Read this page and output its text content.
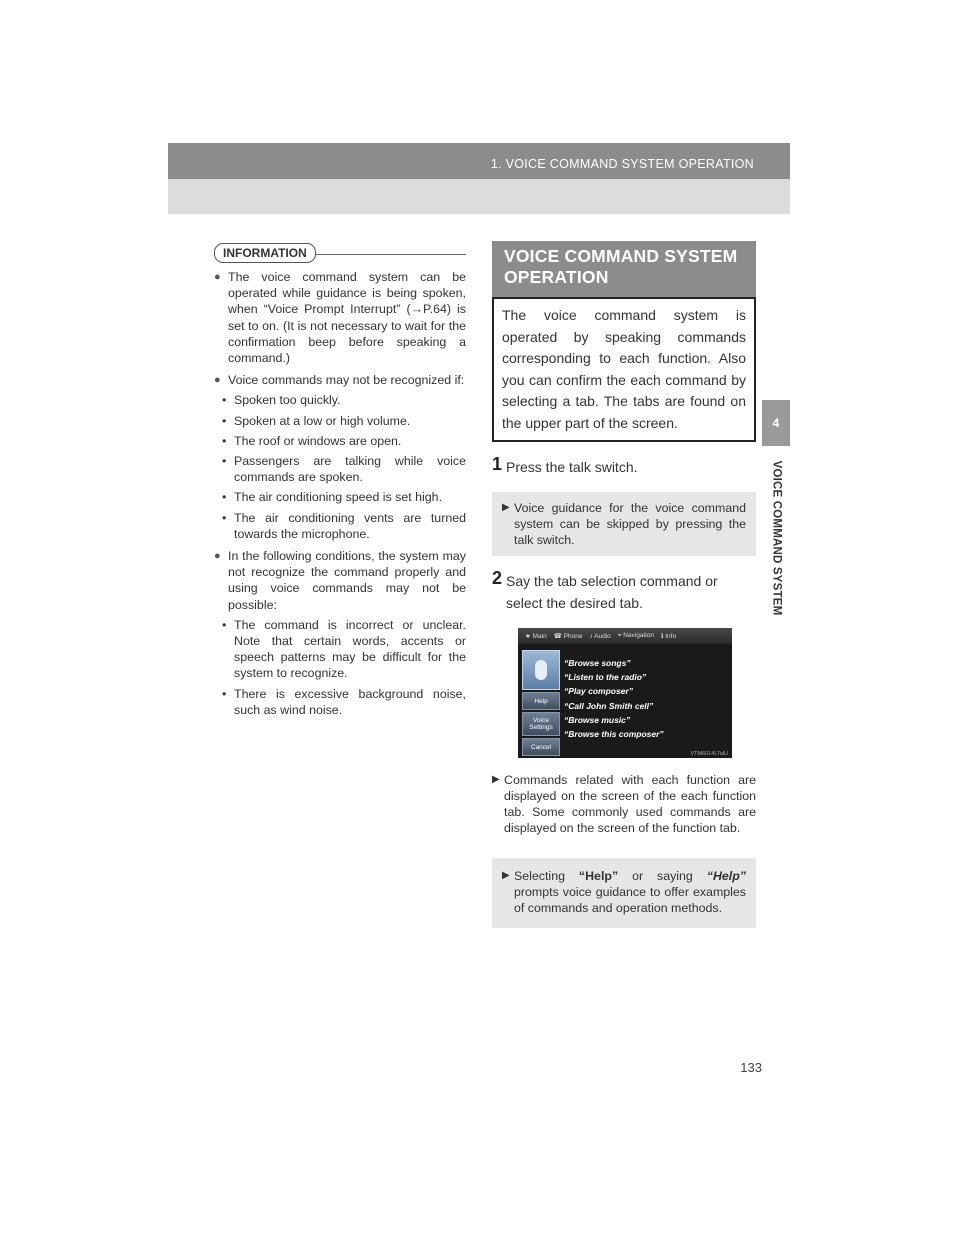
1. VOICE COMMAND SYSTEM OPERATION
4
VOICE COMMAND SYSTEM
INFORMATION
● The voice command system can be operated while guidance is being spoken, when “Voice Prompt Interrupt” (→P.64) is set to on. (It is not necessary to wait for the confirmation beep before speaking a command.)
● Voice commands may not be recognized if:
• Spoken too quickly.
• Spoken at a low or high volume.
• The roof or windows are open.
• Passengers are talking while voice commands are spoken.
• The air conditioning speed is set high.
• The air conditioning vents are turned towards the microphone.
● In the following conditions, the system may not recognize the command properly and using voice commands may not be possible:
• The command is incorrect or unclear. Note that certain words, accents or speech patterns may be difficult for the system to recognize.
• There is excessive background noise, such as wind noise.
VOICE COMMAND SYSTEM OPERATION
The voice command system is operated by speaking commands corresponding to each function. Also you can confirm the each command by selecting a tab. The tabs are found on the upper part of the screen.
1 Press the talk switch.
▶ Voice guidance for the voice command system can be skipped by pressing the talk switch.
2 Say the tab selection command or select the desired tab.
★ Main ☎ Phone ♪ Audio ⌖ Navigation ℹ Info
Help
Voice Settings
Cancel
“Browse songs”
“Listen to the radio”
“Play composer”
“Call John Smith cell”
“Browse music”
“Browse this composer”
VTM6014LTalU
▶ Commands related with each function are displayed on the screen of the each function tab. Some commonly used commands are displayed on the screen of the function tab.
▶ Selecting “Help” or saying “Help” prompts voice guidance to offer examples of commands and operation methods.
133
